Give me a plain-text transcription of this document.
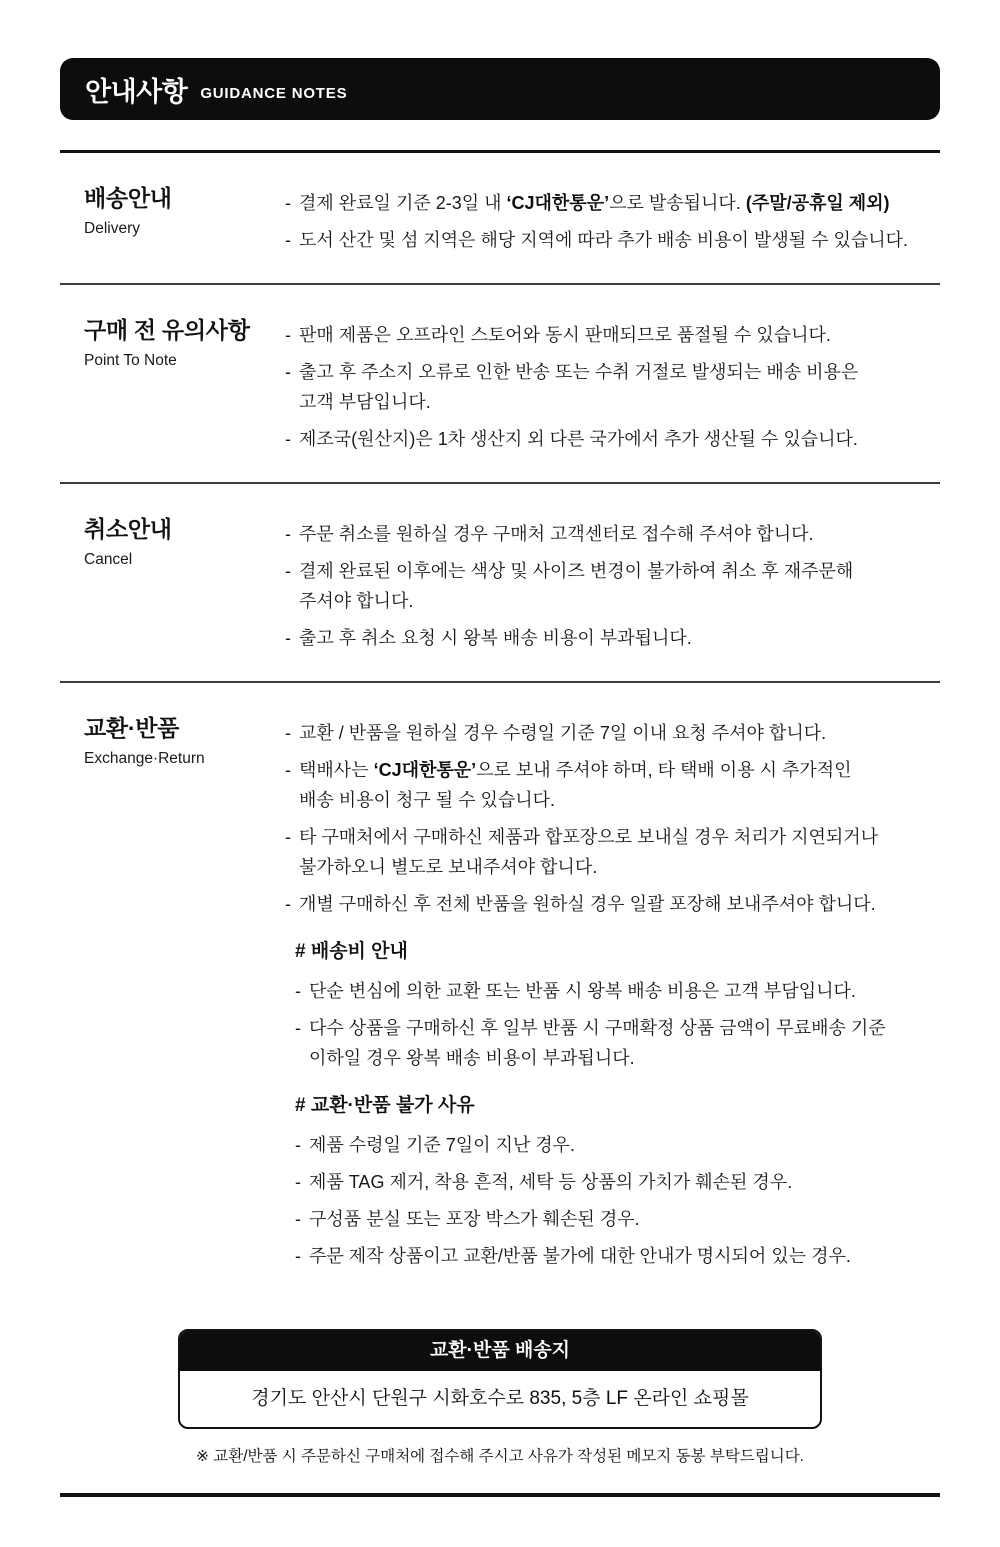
안내사항 GUIDANCE NOTES
배송안내
Delivery
- 결제 완료일 기준 2-3일 내 ‘CJ대한통운’으로 발송됩니다. (주말/공휴일 제외)
- 도서 산간 및 섬 지역은 해당 지역에 따라 추가 배송 비용이 발생될 수 있습니다.
구매 전 유의사항
Point To Note
- 판매 제품은 오프라인 스토어와 동시 판매되므로 품절될 수 있습니다.
- 출고 후 주소지 오류로 인한 반송 또는 수취 거절로 발생되는 배송 비용은
고객 부담입니다.
- 제조국(원산지)은 1차 생산지 외 다른 국가에서 추가 생산될 수 있습니다.
취소안내
Cancel
- 주문 취소를 원하실 경우 구매처 고객센터로 접수해 주셔야 합니다.
- 결제 완료된 이후에는 색상 및 사이즈 변경이 불가하여 취소 후 재주문해
주셔야 합니다.
- 출고 후 취소 요청 시 왕복 배송 비용이 부과됩니다.
교환·반품
Exchange·Return
- 교환 / 반품을 원하실 경우 수령일 기준 7일 이내 요청 주셔야 합니다.
- 택배사는 ‘CJ대한통운’으로 보내 주셔야 하며, 타 택배 이용 시 추가적인
배송 비용이 청구 될 수 있습니다.
- 타 구매처에서 구매하신 제품과 합포장으로 보내실 경우 처리가 지연되거나
불가하오니 별도로 보내주셔야 합니다.
- 개별 구매하신 후 전체 반품을 원하실 경우 일괄 포장해 보내주셔야 합니다.
# 배송비 안내
- 단순 변심에 의한 교환 또는 반품 시 왕복 배송 비용은 고객 부담입니다.
- 다수 상품을 구매하신 후 일부 반품 시 구매확정 상품 금액이 무료배송 기준
이하일 경우 왕복 배송 비용이 부과됩니다.
# 교환·반품 불가 사유
- 제품 수령일 기준 7일이 지난 경우.
- 제품 TAG 제거, 착용 흔적, 세탁 등 상품의 가치가 훼손된 경우.
- 구성품 분실 또는 포장 박스가 훼손된 경우.
- 주문 제작 상품이고 교환/반품 불가에 대한 안내가 명시되어 있는 경우.
교환·반품 배송지
경기도 안산시 단원구 시화호수로 835, 5층 LF 온라인 쇼핑몰
※ 교환/반품 시 주문하신 구매처에 접수해 주시고 사유가 작성된 메모지 동봉 부탁드립니다.
